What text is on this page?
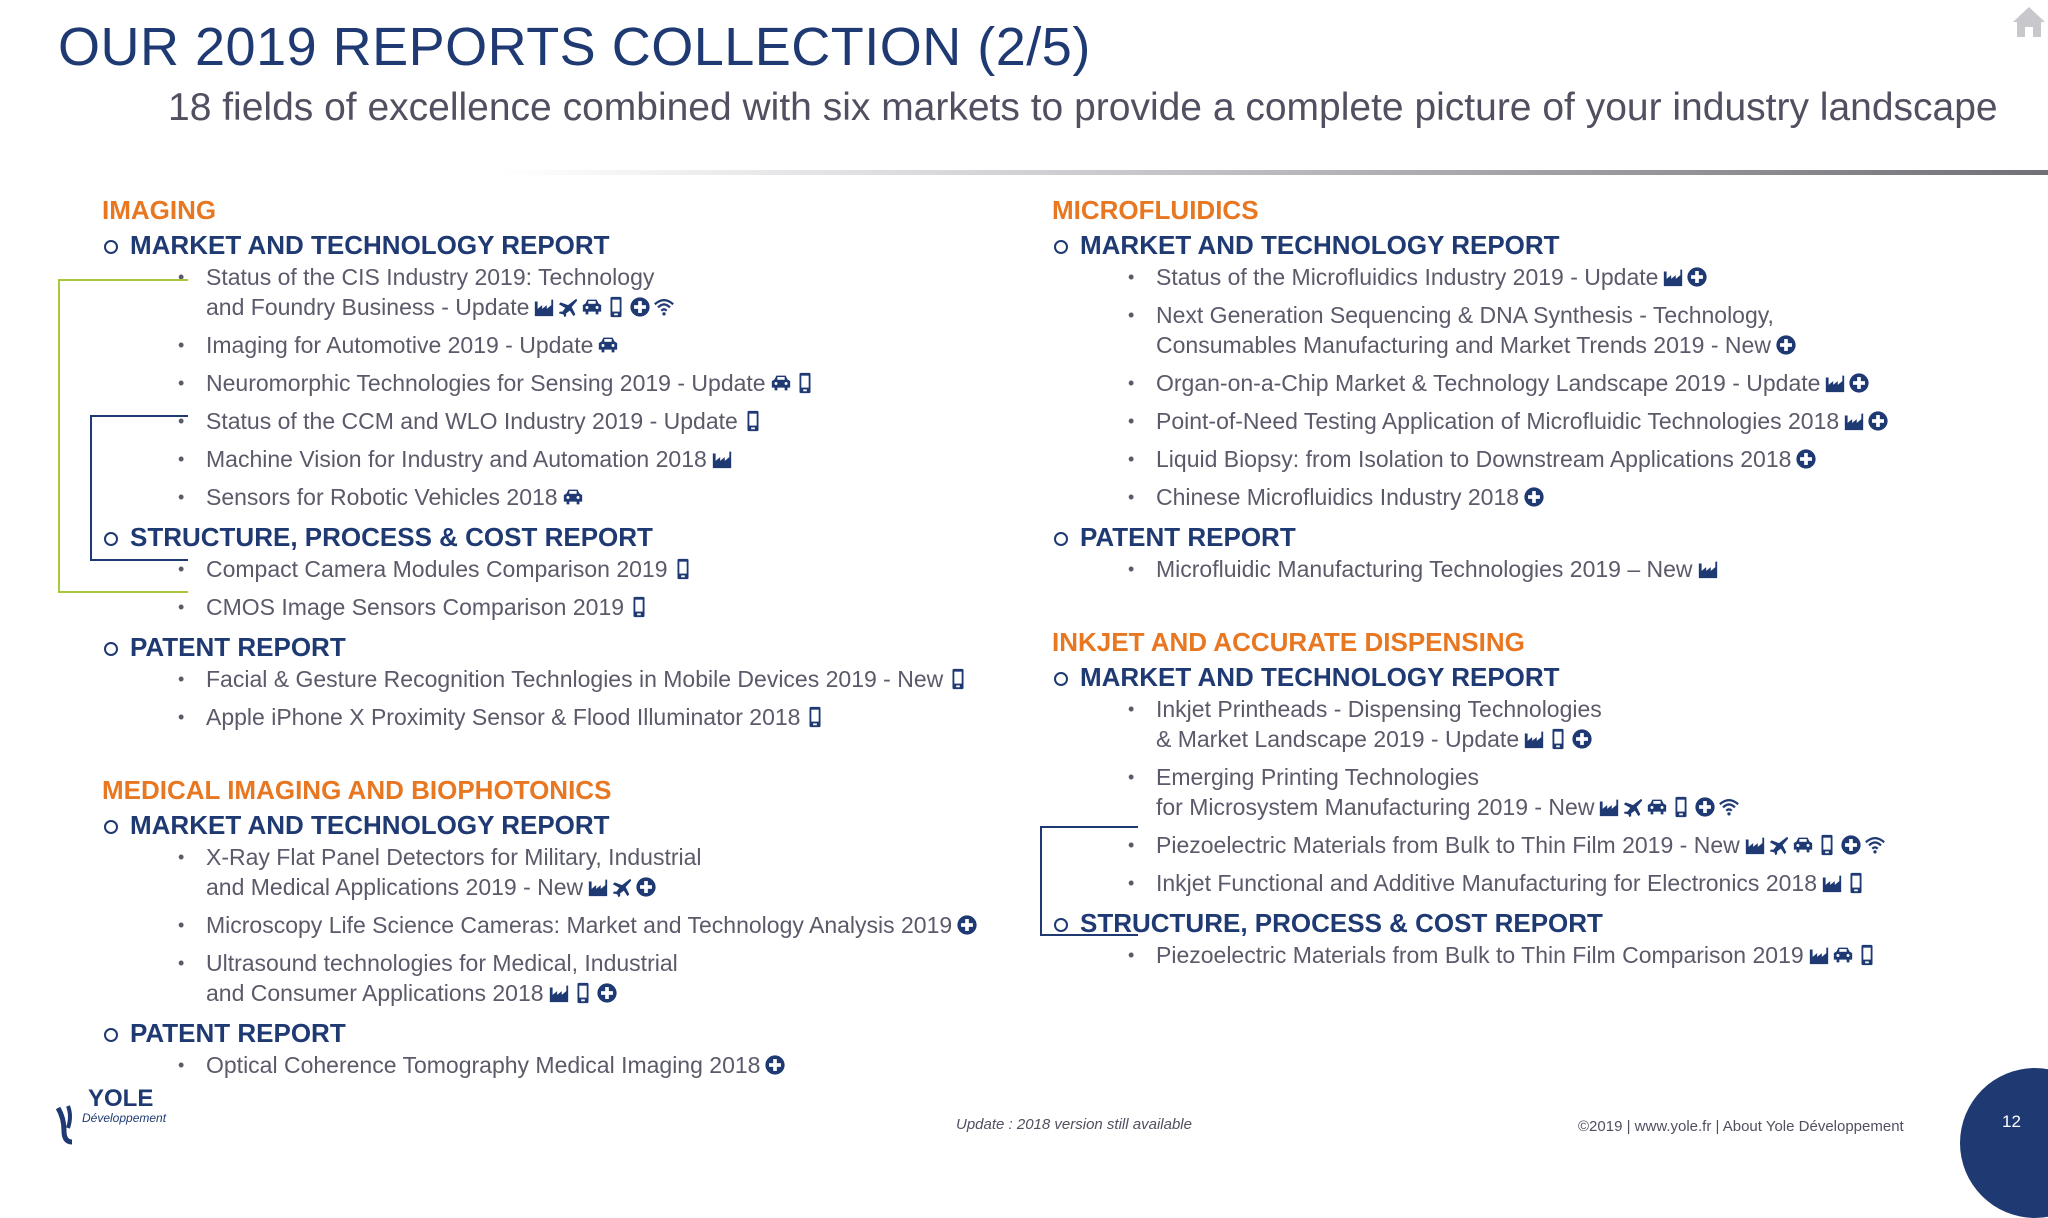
OUR 2019 REPORTS COLLECTION (2/5)
18 fields of excellence combined with six markets to provide a complete picture of your industry landscape
IMAGING
MARKET AND TECHNOLOGY REPORT
• Status of the CIS Industry 2019: Technology
and Foundry Business - Update
• Imaging for Automotive 2019 - Update
• Neuromorphic Technologies for Sensing 2019 - Update
• Status of the CCM and WLO Industry 2019 - Update
• Machine Vision for Industry and Automation 2018
• Sensors for Robotic Vehicles 2018
STRUCTURE, PROCESS & COST REPORT
• Compact Camera Modules Comparison 2019
• CMOS Image Sensors Comparison 2019
PATENT REPORT
• Facial & Gesture Recognition Technlogies in Mobile Devices 2019 - New
• Apple iPhone X Proximity Sensor & Flood Illuminator 2018
MEDICAL IMAGING AND BIOPHOTONICS
MARKET AND TECHNOLOGY REPORT
• X-Ray Flat Panel Detectors for Military, Industrial
and Medical Applications 2019 - New
• Microscopy Life Science Cameras: Market and Technology Analysis 2019
• Ultrasound technologies for Medical, Industrial
and Consumer Applications 2018
PATENT REPORT
• Optical Coherence Tomography Medical Imaging 2018
MICROFLUIDICS
MARKET AND TECHNOLOGY REPORT
• Status of the Microfluidics Industry 2019 - Update
• Next Generation Sequencing & DNA Synthesis - Technology,
Consumables Manufacturing and Market Trends 2019 - New
• Organ-on-a-Chip Market & Technology Landscape 2019 - Update
• Point-of-Need Testing Application of Microfluidic Technologies 2018
• Liquid Biopsy: from Isolation to Downstream Applications 2018
• Chinese Microfluidics Industry 2018
PATENT REPORT
• Microfluidic Manufacturing Technologies 2019 – New
INKJET AND ACCURATE DISPENSING
MARKET AND TECHNOLOGY REPORT
• Inkjet Printheads - Dispensing Technologies
& Market Landscape 2019 - Update
• Emerging Printing Technologies
for Microsystem Manufacturing 2019 - New
• Piezoelectric Materials from Bulk to Thin Film 2019 - New
• Inkjet Functional and Additive Manufacturing for Electronics 2018
STRUCTURE, PROCESS & COST REPORT
• Piezoelectric Materials from Bulk to Thin Film Comparison 2019
YOLE
Développement	Update : 2018 version still available	©2019 | www.yole.fr | About Yole Développement	12
